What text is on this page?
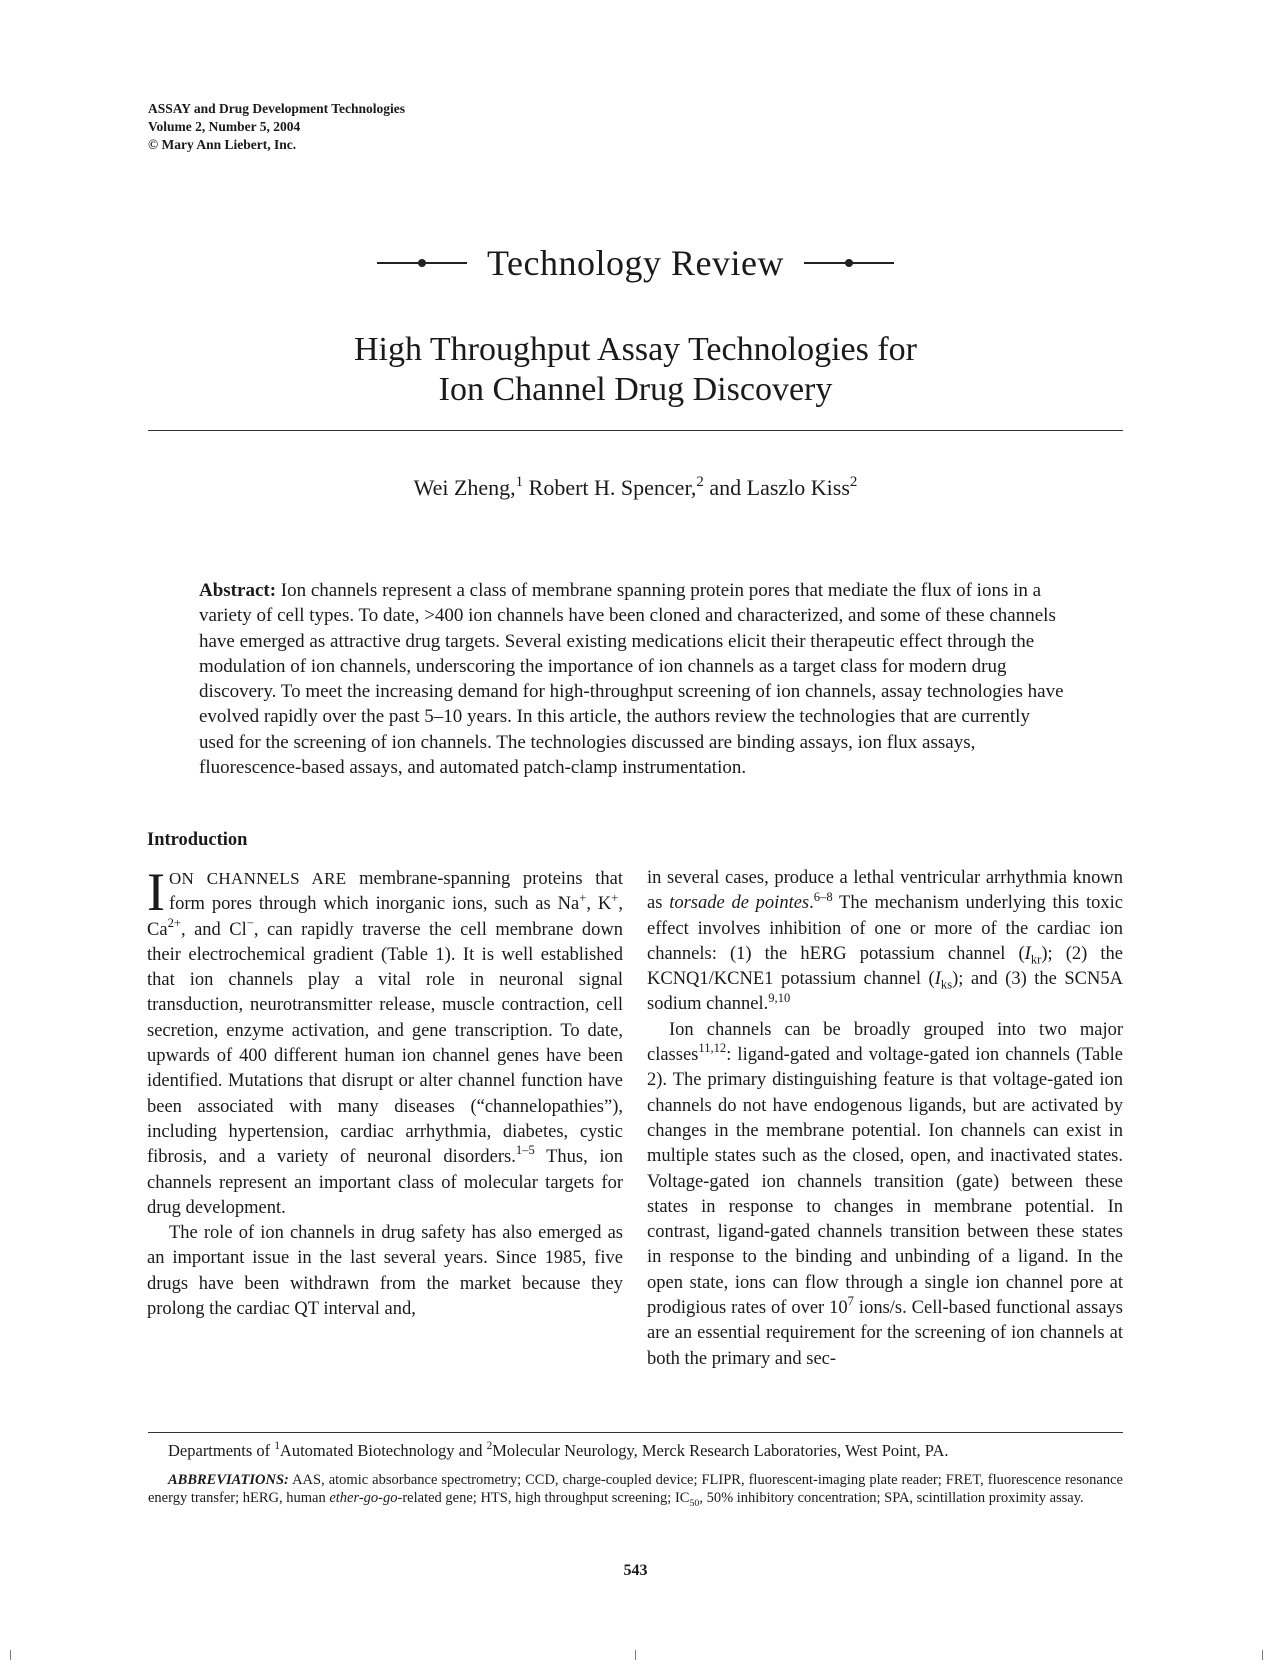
ASSAY and Drug Development Technologies
Volume 2, Number 5, 2004
© Mary Ann Liebert, Inc.
Technology Review
High Throughput Assay Technologies for
Ion Channel Drug Discovery
Wei Zheng,$^1$ Robert H. Spencer,$^2$ and Laszlo Kiss$^2$
Abstract: Ion channels represent a class of membrane spanning protein pores that mediate the flux of ions in a variety of cell types. To date, >400 ion channels have been cloned and characterized, and some of these channels have emerged as attractive drug targets. Several existing medications elicit their therapeutic effect through the modulation of ion channels, underscoring the importance of ion channels as a target class for modern drug discovery. To meet the increasing demand for high-throughput screening of ion channels, assay technologies have evolved rapidly over the past 5–10 years. In this article, the authors review the technologies that are currently used for the screening of ion channels. The technologies discussed are binding assays, ion flux assays, fluorescence-based assays, and automated patch-clamp instrumentation.
Introduction

ION CHANNELS ARE membrane-spanning proteins that form pores through which inorganic ions, such as Na+, K+, $Ca^{2+}$, and Cl−, can rapidly traverse the cell membrane down their electrochemical gradient (Table 1). It is well established that ion channels play a vital role in neuronal signal transduction, neurotransmitter release, muscle contraction, cell secretion, enzyme activation, and gene transcription. To date, upwards of 400 different human ion channel genes have been identified. Mutations that disrupt or alter channel function have been associated with many diseases (“channelopathies”), including hypertension, cardiac arrhythmia, diabetes, cystic fibrosis, and a variety of neuronal disorders.$^{1-5}$ Thus, ion channels represent an important class of molecular targets for drug development.

The role of ion channels in drug safety has also emerged as an important issue in the last several years. Since 1985, five drugs have been withdrawn from the market because they prolong the cardiac QT interval and,

in several cases, produce a lethal ventricular arrhythmia known as torsade de pointes.$^{6-8}$ The mechanism underlying this toxic effect involves inhibition of one or more of the cardiac ion channels: (1) the hERG potassium channel $(I_{kr})$; (2) the KCNQ1/KCNE1 potassium channel $(I_{ks})$; and (3) the SCN5A sodium channel.$^{9,10}$

Ion channels can be broadly grouped into two major classes$^{11,12}$: ligand-gated and voltage-gated ion channels (Table 2). The primary distinguishing feature is that voltage-gated ion channels do not have endogenous ligands, but are activated by changes in the membrane potential. Ion channels can exist in multiple states such as the closed, open, and inactivated states. Voltage-gated ion channels transition (gate) between these states in response to changes in membrane potential. In contrast, ligand-gated channels transition between these states in response to the binding and unbinding of a ligand. In the open state, ions can flow through a single ion channel pore at prodigious rates of over $10^7$ ions/s. Cell-based functional assays are an essential requirement for the screening of ion channels at both the primary and sec-

Departments of $^1$Automated Biotechnology and $^2$Molecular Neurology, Merck Research Laboratories, West Point, PA.
ABBREVIATIONS: AAS, atomic absorbance spectrometry; CCD, charge-coupled device; FLIPR, fluorescent-imaging plate reader; FRET, fluorescence resonance energy transfer; hERG, human ether-go-go-related gene; HTS, high throughput screening; $IC_{50}$, 50% inhibitory concentration; SPA, scintillation proximity assay.
543
